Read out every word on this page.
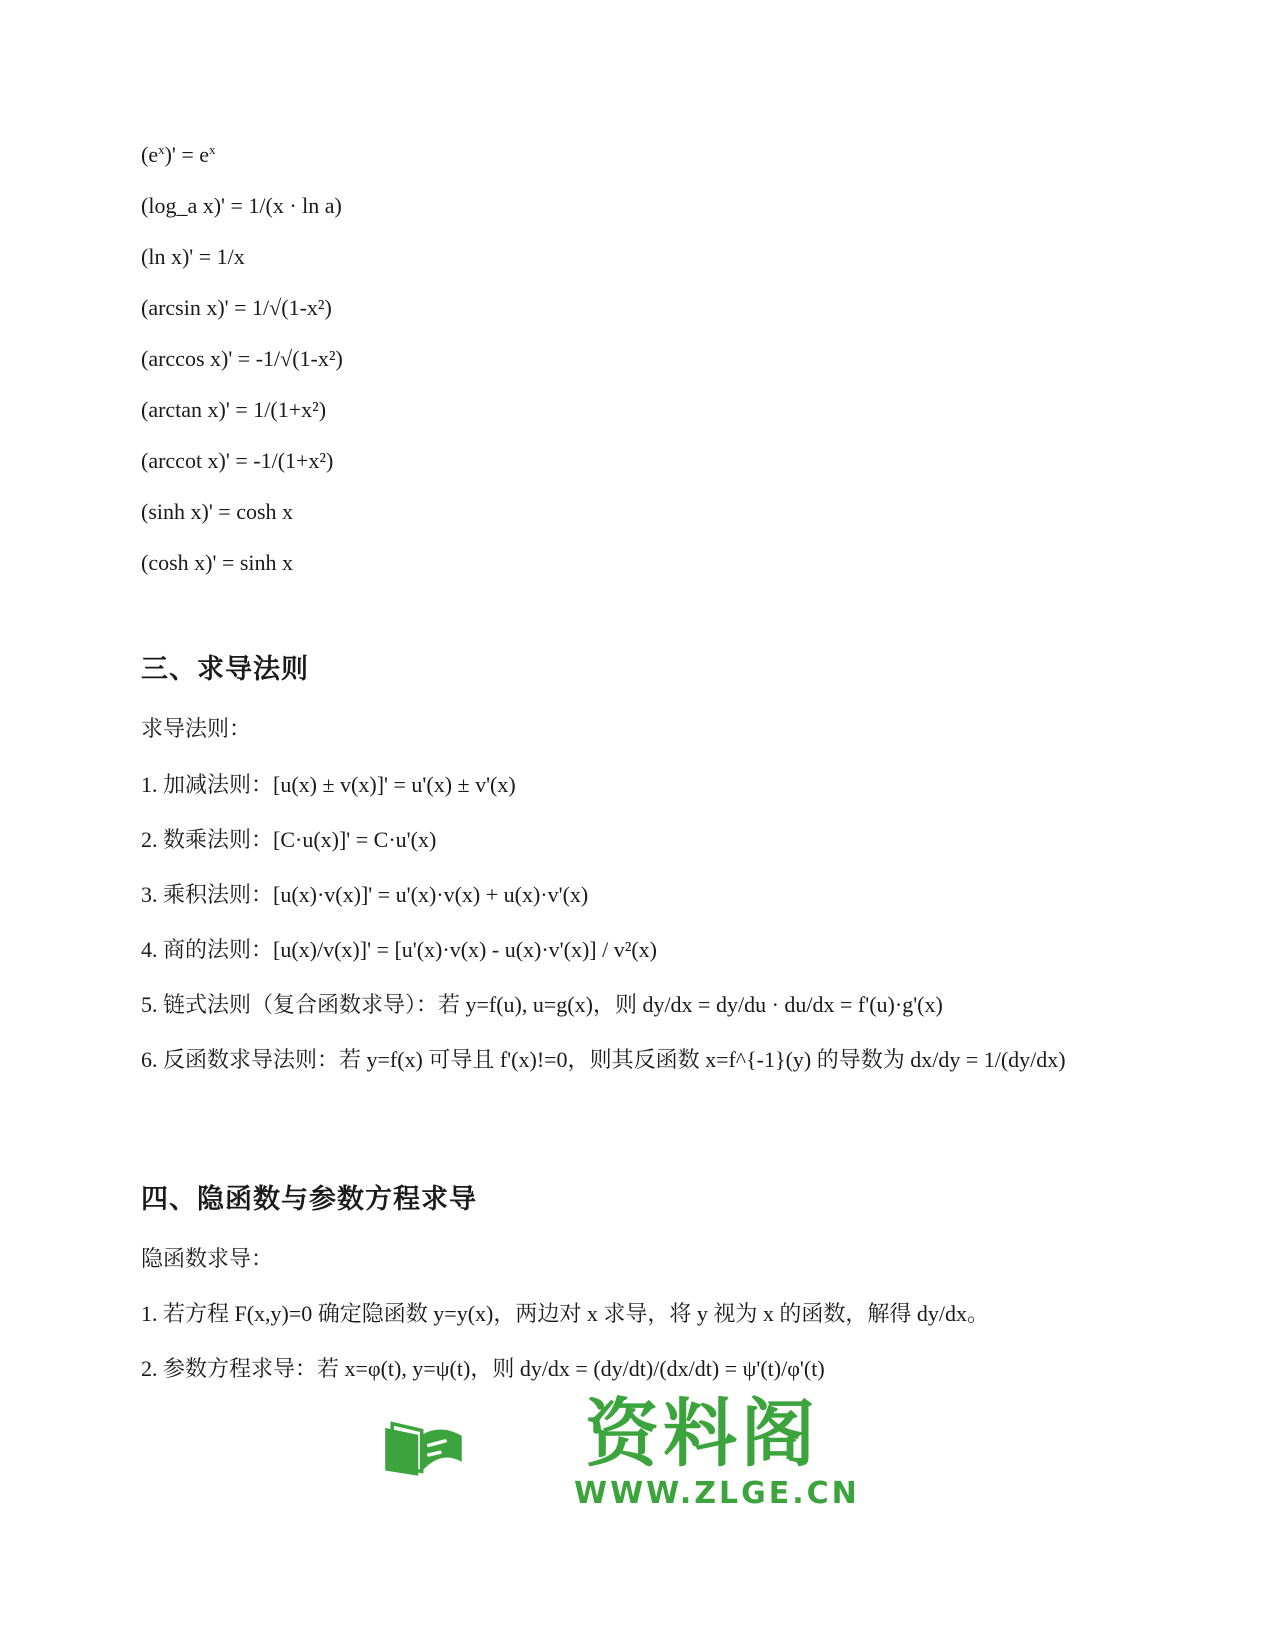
$(e^x)' = e^x$
(log_a x)' = 1/(x · ln a)
(ln x)' = 1/x
(arcsin x)' = 1/√(1-x²)
(arccos x)' = -1/√(1-x²)
(arctan x)' = 1/(1+x²)
(arccot x)' = -1/(1+x²)
(sinh x)' = cosh x
(cosh x)' = sinh x
三、求导法则
求导法则：
1. 加减法则：[u(x) ± v(x)]' = u'(x) ± v'(x)
2. 数乘法则：[C·u(x)]' = C·u'(x)
3. 乘积法则：[u(x)·v(x)]' = u'(x)·v(x) + u(x)·v'(x)
4. 商的法则：[u(x)/v(x)]' = [u'(x)·v(x) - u(x)·v'(x)] / v²(x)
5. 链式法则（复合函数求导）：若 y=f(u), u=g(x)，则 dy/dx = dy/du · du/dx = f'(u)·g'(x)
6. 反函数求导法则：若 y=f(x) 可导且 f'(x)!=0，则其反函数 x=f^{-1}(y) 的导数为 dx/dy = 1/(dy/dx)
四、隐函数与参数方程求导
隐函数求导：
1. 若方程 F(x,y)=0 确定隐函数 y=y(x)，两边对 x 求导，将 y 视为 x 的函数，解得 dy/dx。
2. 参数方程求导：若 x=φ(t), y=ψ(t)，则 dy/dx = (dy/dt)/(dx/dt) = ψ'(t)/φ'(t)
资料阁
WWW.ZLGE.CN
